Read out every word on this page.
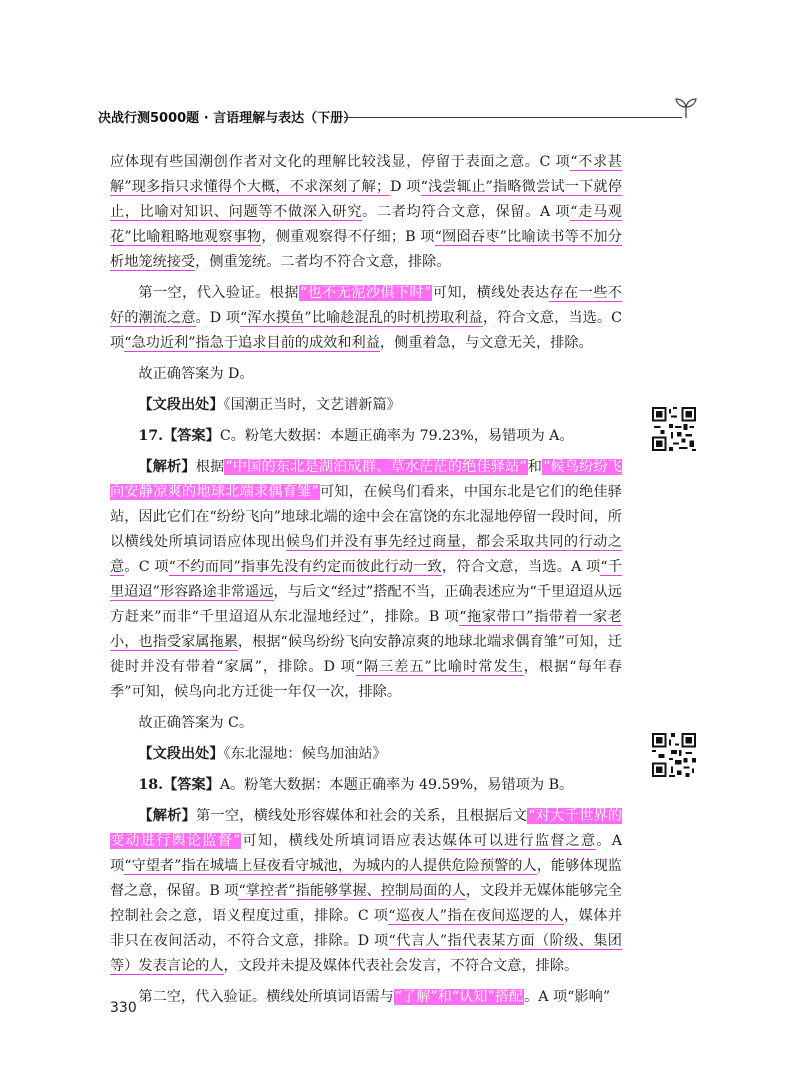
决战行测5000题 · 言语理解与表达（下册）

应体现有些国潮创作者对文化的理解比较浅显，停留于表面之意。C 项“不求甚解”现多指只求懂得个大概，不求深刻了解；D 项“浅尝辄止”指略微尝试一下就停止，比喻对知识、问题等不做深入研究。二者均符合文意，保留。A 项“走马观花”比喻粗略地观察事物，侧重观察得不仔细；B 项“囫囵吞枣”比喻读书等不加分析地笼统接受，侧重笼统。二者均不符合文意，排除。

第一空，代入验证。根据“也不无泥沙俱下时”可知，横线处表达存在一些不好的潮流之意。D 项“浑水摸鱼”比喻趁混乱的时机捞取利益，符合文意，当选。C 项“急功近利”指急于追求目前的成效和利益，侧重着急，与文意无关，排除。

故正确答案为 D。

【文段出处】《国潮正当时，文艺谱新篇》

17.【答案】C。粉笔大数据：本题正确率为 79.23%，易错项为 A。

【解析】根据“中国的东北是湖泊成群、草水茫茫的绝佳驿站”和“候鸟纷纷飞向安静凉爽的地球北端求偶育雏”可知，在候鸟们看来，中国东北是它们的绝佳驿站，因此它们在“纷纷飞向”地球北端的途中会在富饶的东北湿地停留一段时间，所以横线处所填词语应体现出候鸟们并没有事先经过商量，都会采取共同的行动之意。C 项“不约而同”指事先没有约定而彼此行动一致，符合文意，当选。A 项“千里迢迢”形容路途非常遥远，与后文“经过”搭配不当，正确表述应为“千里迢迢从远方赶来”而非“千里迢迢从东北湿地经过”，排除。B 项“拖家带口”指带着一家老小，也指受家属拖累，根据“候鸟纷纷飞向安静凉爽的地球北端求偶育雏”可知，迁徙时并没有带着“家属”，排除。D 项“隔三差五”比喻时常发生，根据“每年春季”可知，候鸟向北方迁徙一年仅一次，排除。

故正确答案为 C。

【文段出处】《东北湿地：候鸟加油站》

18.【答案】A。粉笔大数据：本题正确率为 49.59%，易错项为 B。

【解析】第一空，横线处形容媒体和社会的关系，且根据后文“对大千世界的变动进行舆论监督”可知，横线处所填词语应表达媒体可以进行监督之意。A 项“守望者”指在城墙上昼夜看守城池，为城内的人提供危险预警的人，能够体现监督之意，保留。B 项“掌控者”指能够掌握、控制局面的人，文段并无媒体能够完全控制社会之意，语义程度过重，排除。C 项“巡夜人”指在夜间巡逻的人，媒体并非只在夜间活动，不符合文意，排除。D 项“代言人”指代表某方面（阶级、集团等）发表言论的人，文段并未提及媒体代表社会发言，不符合文意，排除。

第二空，代入验证。横线处所填词语需与“了解”和“认知”搭配。A 项“影响”

330
